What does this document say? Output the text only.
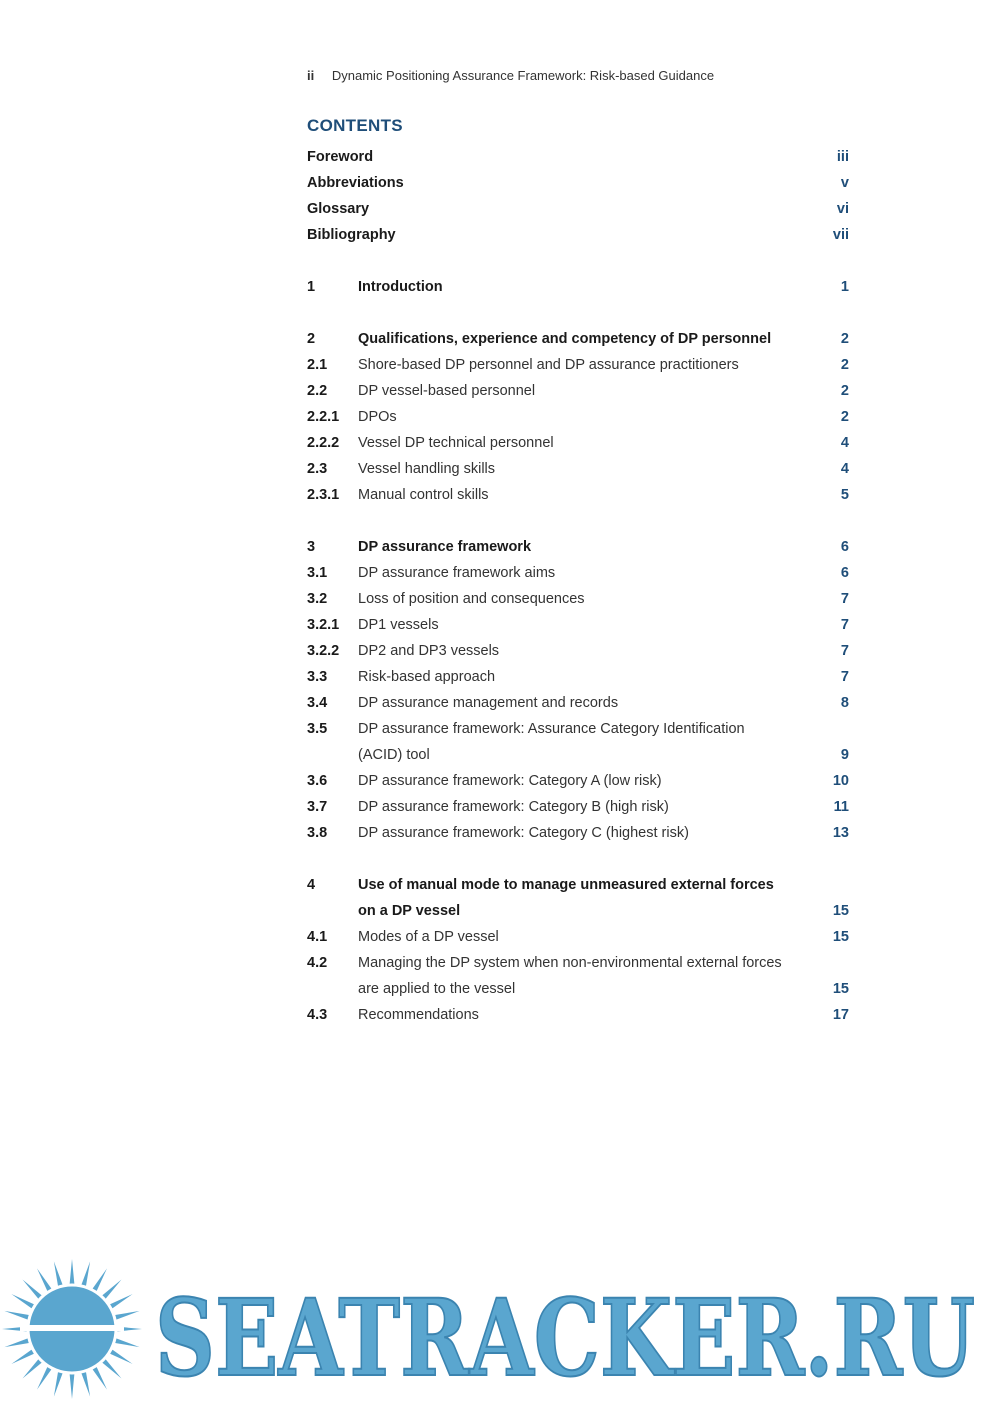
ii Dynamic Positioning Assurance Framework: Risk-based Guidance
CONTENTS
Foreword	iii
Abbreviations	v
Glossary	vi
Bibliography	vii
1	Introduction	1
2	Qualifications, experience and competency of DP personnel	2
2.1 Shore-based DP personnel and DP assurance practitioners	2
2.2 DP vessel-based personnel	2
2.2.1 DPOs	2
2.2.2 Vessel DP technical personnel	4
2.3 Vessel handling skills	4
2.3.1 Manual control skills	5
3	DP assurance framework	6
3.1 DP assurance framework aims	6
3.2 Loss of position and consequences	7
3.2.1 DP1 vessels	7
3.2.2 DP2 and DP3 vessels	7
3.3 Risk-based approach	7
3.4 DP assurance management and records	8
3.5 DP assurance framework: Assurance Category Identification
(ACID) tool	9
3.6 DP assurance framework: Category A (low risk)	10
3.7 DP assurance framework: Category B (high risk)	11
3.8 DP assurance framework: Category C (highest risk)	13
4	Use of manual mode to manage unmeasured external forces
on a DP vessel	15
4.1 Modes of a DP vessel	15
4.2 Managing the DP system when non-environmental external forces
are applied to the vessel	15
4.3 Recommendations	17
SEATRACKER.RU
